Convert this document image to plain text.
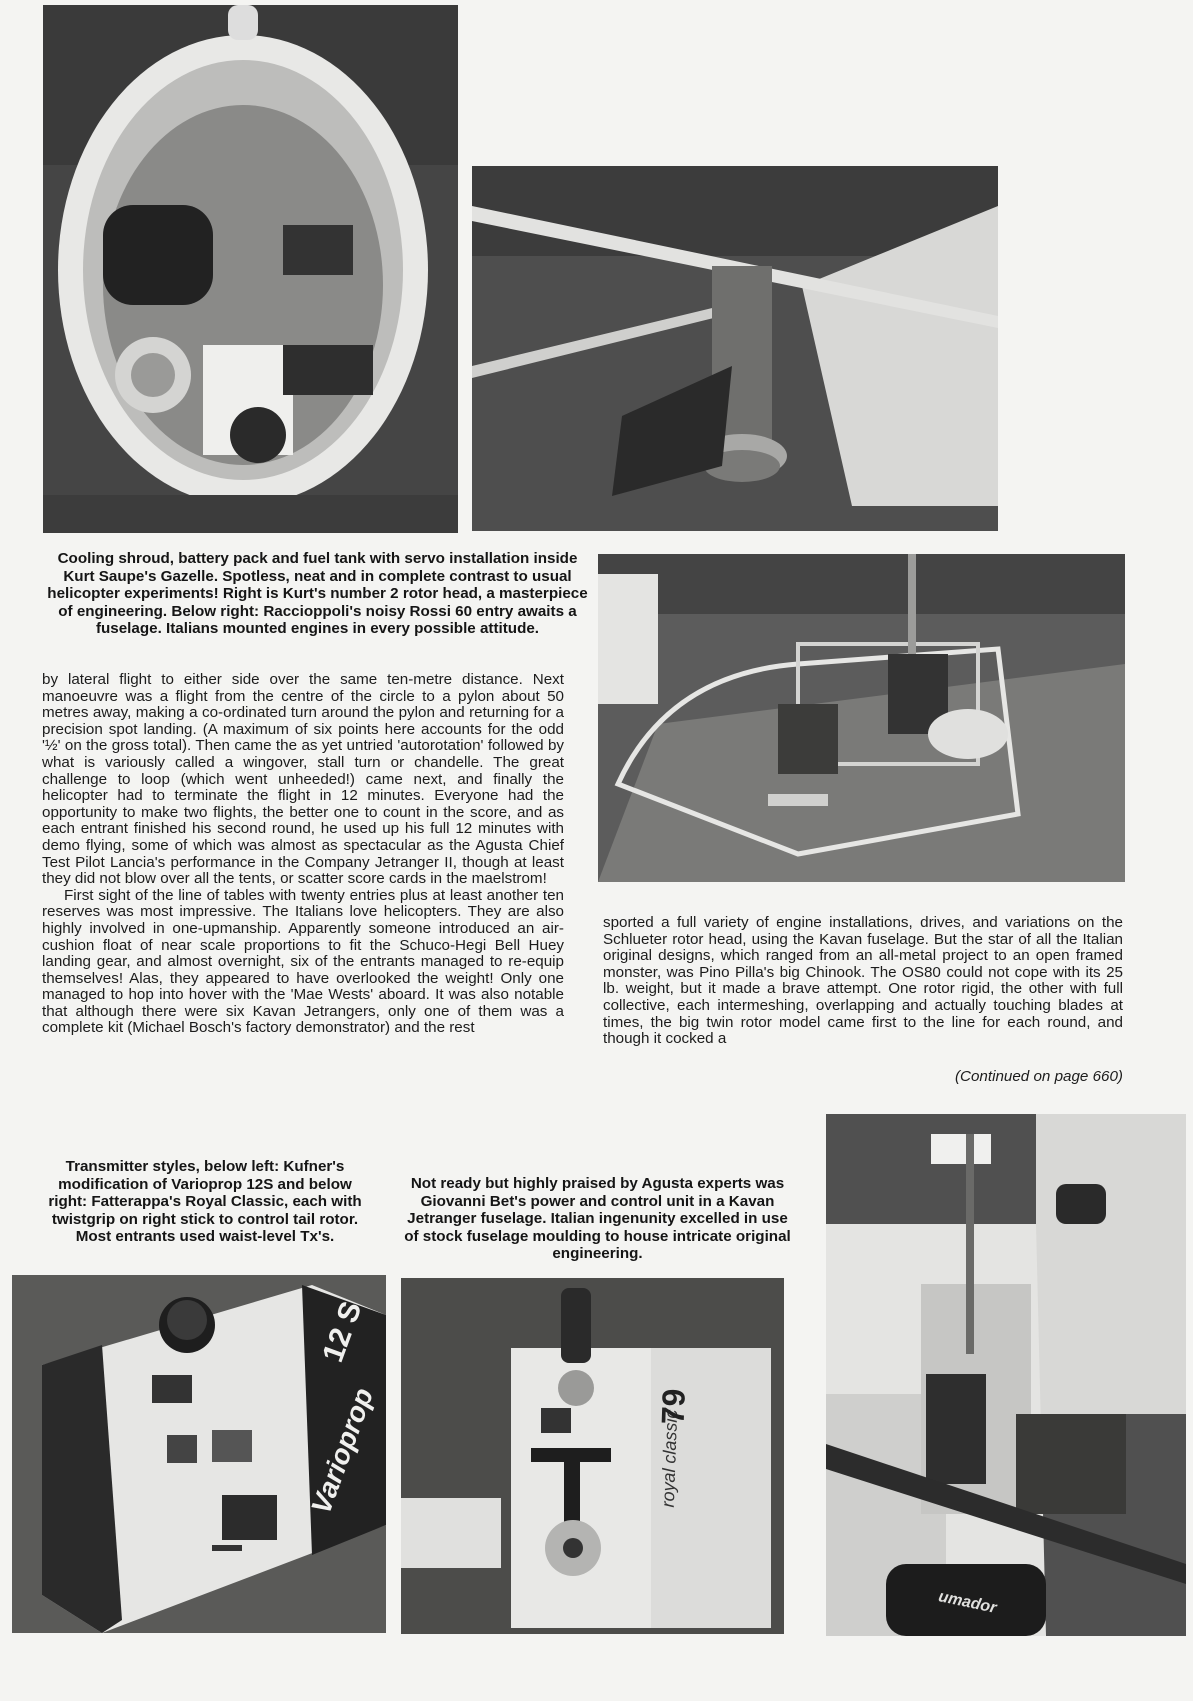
Cooling shroud, battery pack and fuel tank with servo installation inside Kurt Saupe's Gazelle. Spotless, neat and in complete contrast to usual helicopter experiments! Right is Kurt's number 2 rotor head, a masterpiece of engineering. Below right: Raccioppoli's noisy Rossi 60 entry awaits a fuselage. Italians mounted engines in every possible attitude.

by lateral flight to either side over the same ten-metre distance. Next manoeuvre was a flight from the centre of the circle to a pylon about 50 metres away, making a co-ordinated turn around the pylon and returning for a precision spot landing. (A maximum of six points here accounts for the odd '½' on the gross total). Then came the as yet untried 'autorotation' followed by what is variously called a wingover, stall turn or chandelle. The great challenge to loop (which went unheeded!) came next, and finally the helicopter had to terminate the flight in 12 minutes. Everyone had the opportunity to make two flights, the better one to count in the score, and as each entrant finished his second round, he used up his full 12 minutes with demo flying, some of which was almost as spectacular as the Agusta Chief Test Pilot Lancia's performance in the Company Jetranger II, though at least they did not blow over all the tents, or scatter score cards in the maelstrom!

First sight of the line of tables with twenty entries plus at least another ten reserves was most impressive. The Italians love helicopters. They are also highly involved in one-upmanship. Apparently someone introduced an air-cushion float of near scale proportions to fit the Schuco-Hegi Bell Huey landing gear, and almost overnight, six of the entrants managed to re-equip themselves! Alas, they appeared to have overlooked the weight! Only one managed to hop into hover with the 'Mae Wests' aboard. It was also notable that although there were six Kavan Jetrangers, only one of them was a complete kit (Michael Bosch's factory demonstrator) and the rest

sported a full variety of engine installations, drives, and variations on the Schlueter rotor head, using the Kavan fuselage. But the star of all the Italian original designs, which ranged from an all-metal project to an open framed monster, was Pino Pilla's big Chinook. The OS80 could not cope with its 25 lb. weight, but it made a brave attempt. One rotor rigid, the other with full collective, each intermeshing, overlapping and actually touching blades at times, the big twin rotor model came first to the line for each round, and though it cocked a

(Continued on page 660)
Transmitter styles, below left: Kufner's modification of Varioprop 12S and below right: Fatterappa's Royal Classic, each with twistgrip on right stick to control tail rotor. Most entrants used waist-level Tx's.
Not ready but highly praised by Agusta experts was Giovanni Bet's power and control unit in a Kavan Jetranger fuselage. Italian ingenunity excelled in use of stock fuselage moulding to house intricate original engineering.
12 S
Varioprop	royal classic
79
umador
